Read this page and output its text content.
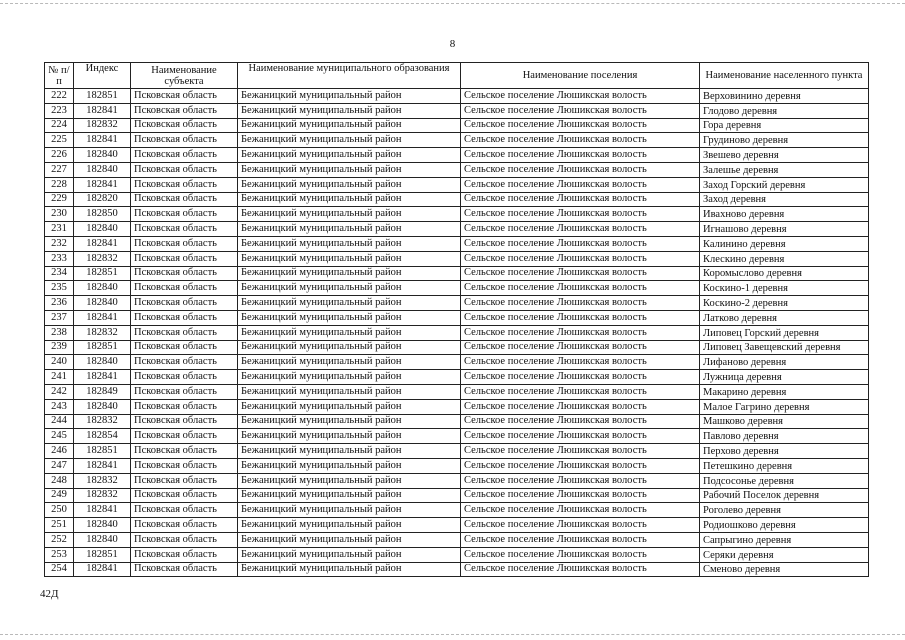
8
№ п/п	Индекс	Наименование субъекта	Наименование муниципального образования	Наименование поселения	Наименование населенного пункта
222	182851	Псковская область	Бежаницкий муниципальный район	Сельское поселение Люшикская волость	Верховинино деревня
223	182841	Псковская область	Бежаницкий муниципальный район	Сельское поселение Люшикская волость	Глодово деревня
224	182832	Псковская область	Бежаницкий муниципальный район	Сельское поселение Люшикская волость	Гора деревня
225	182841	Псковская область	Бежаницкий муниципальный район	Сельское поселение Люшикская волость	Грудиново деревня
226	182840	Псковская область	Бежаницкий муниципальный район	Сельское поселение Люшикская волость	Звешево деревня
227	182840	Псковская область	Бежаницкий муниципальный район	Сельское поселение Люшикская волость	Залешье деревня
228	182841	Псковская область	Бежаницкий муниципальный район	Сельское поселение Люшикская волость	Заход Горский деревня
229	182820	Псковская область	Бежаницкий муниципальный район	Сельское поселение Люшикская волость	Заход деревня
230	182850	Псковская область	Бежаницкий муниципальный район	Сельское поселение Люшикская волость	Ивахново деревня
231	182840	Псковская область	Бежаницкий муниципальный район	Сельское поселение Люшикская волость	Игнашово деревня
232	182841	Псковская область	Бежаницкий муниципальный район	Сельское поселение Люшикская волость	Калинино деревня
233	182832	Псковская область	Бежаницкий муниципальный район	Сельское поселение Люшикская волость	Клескино деревня
234	182851	Псковская область	Бежаницкий муниципальный район	Сельское поселение Люшикская волость	Коромыслово деревня
235	182840	Псковская область	Бежаницкий муниципальный район	Сельское поселение Люшикская волость	Коскино-1 деревня
236	182840	Псковская область	Бежаницкий муниципальный район	Сельское поселение Люшикская волость	Коскино-2 деревня
237	182841	Псковская область	Бежаницкий муниципальный район	Сельское поселение Люшикская волость	Латково деревня
238	182832	Псковская область	Бежаницкий муниципальный район	Сельское поселение Люшикская волость	Липовец Горский деревня
239	182851	Псковская область	Бежаницкий муниципальный район	Сельское поселение Люшикская волость	Липовец Завещевский деревня
240	182840	Псковская область	Бежаницкий муниципальный район	Сельское поселение Люшикская волость	Лифаново деревня
241	182841	Псковская область	Бежаницкий муниципальный район	Сельское поселение Люшикская волость	Лужница деревня
242	182849	Псковская область	Бежаницкий муниципальный район	Сельское поселение Люшикская волость	Макарино деревня
243	182840	Псковская область	Бежаницкий муниципальный район	Сельское поселение Люшикская волость	Малое Гагрино деревня
244	182832	Псковская область	Бежаницкий муниципальный район	Сельское поселение Люшикская волость	Машково деревня
245	182854	Псковская область	Бежаницкий муниципальный район	Сельское поселение Люшикская волость	Павлово деревня
246	182851	Псковская область	Бежаницкий муниципальный район	Сельское поселение Люшикская волость	Перхово деревня
247	182841	Псковская область	Бежаницкий муниципальный район	Сельское поселение Люшикская волость	Петешкино деревня
248	182832	Псковская область	Бежаницкий муниципальный район	Сельское поселение Люшикская волость	Подсосонье деревня
249	182832	Псковская область	Бежаницкий муниципальный район	Сельское поселение Люшикская волость	Рабочий Поселок деревня
250	182841	Псковская область	Бежаницкий муниципальный район	Сельское поселение Люшикская волость	Роголево деревня
251	182840	Псковская область	Бежаницкий муниципальный район	Сельское поселение Люшикская волость	Родиошково деревня
252	182840	Псковская область	Бежаницкий муниципальный район	Сельское поселение Люшикская волость	Сапрыгино деревня
253	182851	Псковская область	Бежаницкий муниципальный район	Сельское поселение Люшикская волость	Серяки деревня
254	182841	Псковская область	Бежаницкий муниципальный район	Сельское поселение Люшикская волость	Сменово деревня
42Д
